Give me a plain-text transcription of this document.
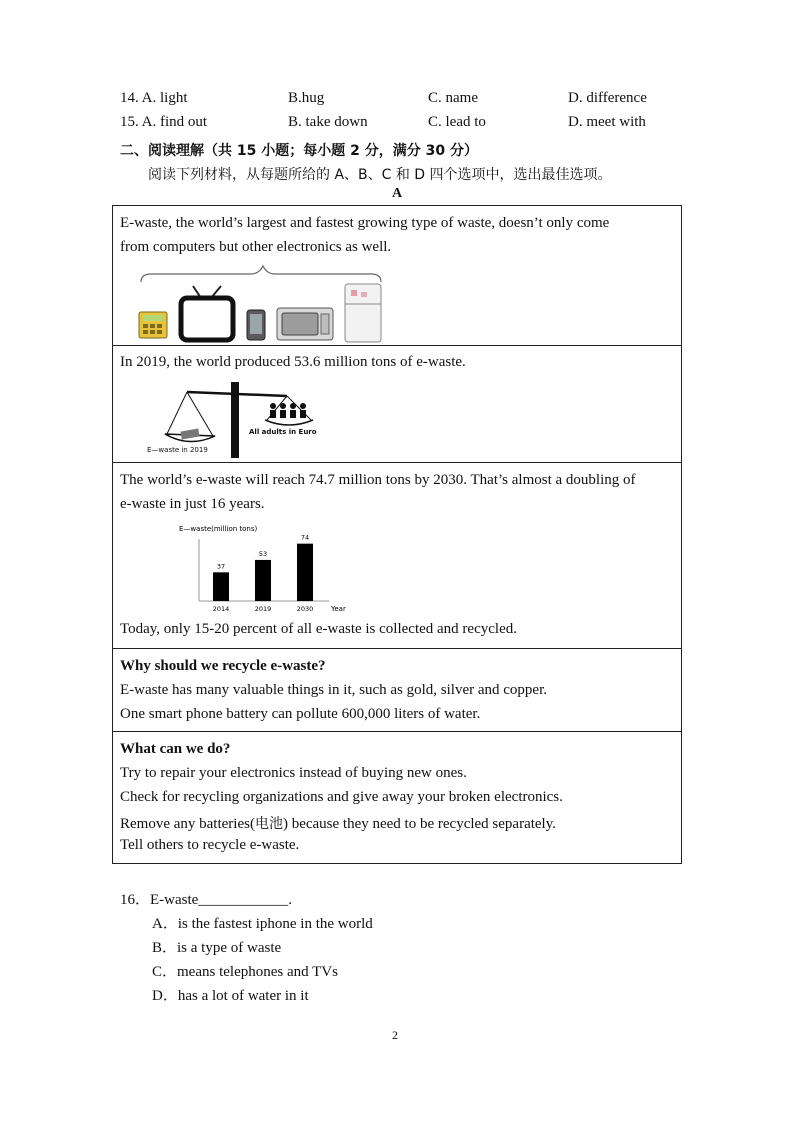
14. A. light	B.hug	C. name	D. difference
15. A. find out	B. take down	C. lead to	D. meet with
二、阅读理解（共 15 小题；每小题 2 分，满分 30 分）
阅读下列材料，从每题所给的 A、B、C 和 D 四个选项中，选出最佳选项。
A
E-waste, the world’s largest and fastest growing type of waste, doesn’t only come
from computers but other electronics as well.
In 2019, the world produced 53.6 million tons of e-waste.
E—waste in 2019
All adults in Euro
The world’s e-waste will reach 74.7 million tons by 2030. That’s almost a doubling of
e-waste in just 16 years.
E—waste(million tons)
Year
37
2014
53
2019
74
2030
Today, only 15-20 percent of all e-waste is collected and recycled.
Why should we recycle e-waste?
E-waste has many valuable things in it, such as gold, silver and copper.
One smart phone battery can pollute 600,000 liters of water.
What can we do?
Try to repair your electronics instead of buying new ones.
Check for recycling organizations and give away your broken electronics.
Remove any batteries(电池) because they need to be recycled separately.
Tell others to recycle e-waste.
16．E-waste____________.
A．is the fastest iphone in the world
B．is a type of waste
C．means telephones and TVs
D．has a lot of water in it
2
